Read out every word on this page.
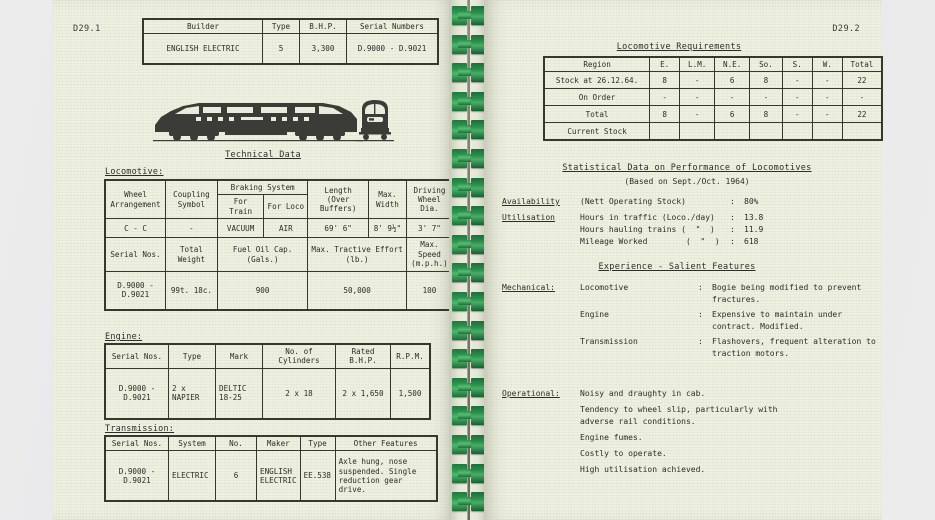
D29.1	Builder	Type	B.H.P.	Serial Numbers
ENGLISH ELECTRIC	5	3,300	D.9000 - D.9021
Technical Data
Locomotive:
Wheel Arrangement	Coupling Symbol	Braking System		Length (Over Buffers)	Max. Width	Driving Wheel Dia.
		For Train	For Loco			
C - C	-	VACUUM	AIR	69' 6"	8' 9½"	3' 7"
Serial Nos.	Total Weight	Fuel Oil Cap. (Gals.)		Max. Tractive Effort (lb.)		Max. Speed (m.p.h.)
D.9000 - D.9021	99t. 18c.	900		50,000		100
Engine:
Serial Nos.	Type	Mark	No. of Cylinders	Rated B.H.P.	R.P.M.
D.9000 - D.9021	2 x NAPIER	DELTIC 18-25	2 x 18	2 x 1,650	1,500
Transmission:
Serial Nos.	System	No.	Maker	Type	Other Features
D.9000 -D.9021	ELECTRIC	6	ENGLISH ELECTRIC	EE.538	Axle hung, nose suspended. Single reduction gear drive.
D29.2
Locomotive Requirements
Region	E.	L.M.	N.E.	So.	S.	W.	Total
Stock at 26.12.64.	8	-	6	8	-	-	22
On Order	-	-	-	-	-	-	-
Total	8	-	6	8	-	-	22
Current Stock							
Statistical Data on Performance of Locomotives
(Based on Sept./Oct. 1964)
Availability	(Nett Operating Stock)	:	80%
Utilisation	Hours in traffic (Loco./day)	:	13.8
Hours hauling trains (  "  )	:	11.9
Mileage Worked        (  "  )	:	618
Experience - Salient Features
Mechanical:	Locomotive	:	Bogie being modified to prevent fractures.
Engine	:	Expensive to maintain under contract. Modified.
Transmission	:	Flashovers, frequent alteration to traction motors.
Operational:	Noisy and draughty in cab.
Tendency to wheel slip, particularly with adverse rail conditions.
Engine fumes.
Costly to operate.
High utilisation achieved.
